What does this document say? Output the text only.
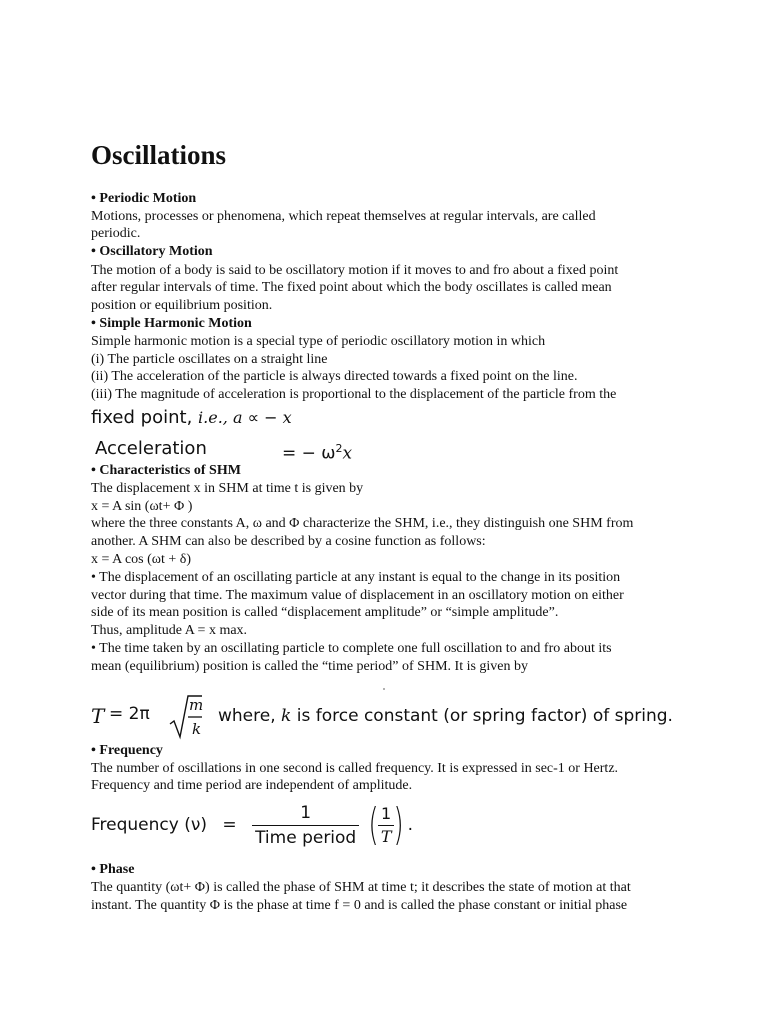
Oscillations
• Periodic Motion
Motions, processes or phenomena, which repeat themselves at regular intervals, are called
periodic.
• Oscillatory Motion
The motion of a body is said to be oscillatory motion if it moves to and fro about a fixed point
after regular intervals of time. The fixed point about which the body oscillates is called mean
position or equilibrium position.
• Simple Harmonic Motion
Simple harmonic motion is a special type of periodic oscillatory motion in which
(i) The particle oscillates on a straight line
(ii) The acceleration of the particle is always directed towards a fixed point on the line.
(iii) The magnitude of acceleration is proportional to the displacement of the particle from the
fixed point, i.e., a ∝ − x
Acceleration	= − $\omega^2x$
• Characteristics of SHM
The displacement x in SHM at time t is given by
x = A sin (ωt+ Φ )
where the three constants A, ω and Φ characterize the SHM, i.e., they distinguish one SHM from
another. A SHM can also be described by a cosine function as follows:
x = A cos (ωt + δ)
• The displacement of an oscillating particle at any instant is equal to the change in its position
vector during that time. The maximum value of displacement in an oscillatory motion on either
side of its mean position is called “displacement amplitude” or “simple amplitude”.
Thus, amplitude A = x max.
• The time taken by an oscillating particle to complete one full oscillation to and fro about its
mean (equilibrium) position is called the “time period” of SHM. It is given by
T = 2π	m
k
where, k is force constant (or spring factor) of spring.
• Frequency
The number of oscillations in one second is called frequency. It is expressed in sec-1 or Hertz.
Frequency and time period are independent of amplitude.
Frequency $(\nu) = \frac{1}{\text{Time period}}$ ( $\frac{1}{T}$ ) .
• Phase
The quantity (ωt+ Φ) is called the phase of SHM at time t; it describes the state of motion at that
instant. The quantity Φ is the phase at time f = 0 and is called the phase constant or initial phase
